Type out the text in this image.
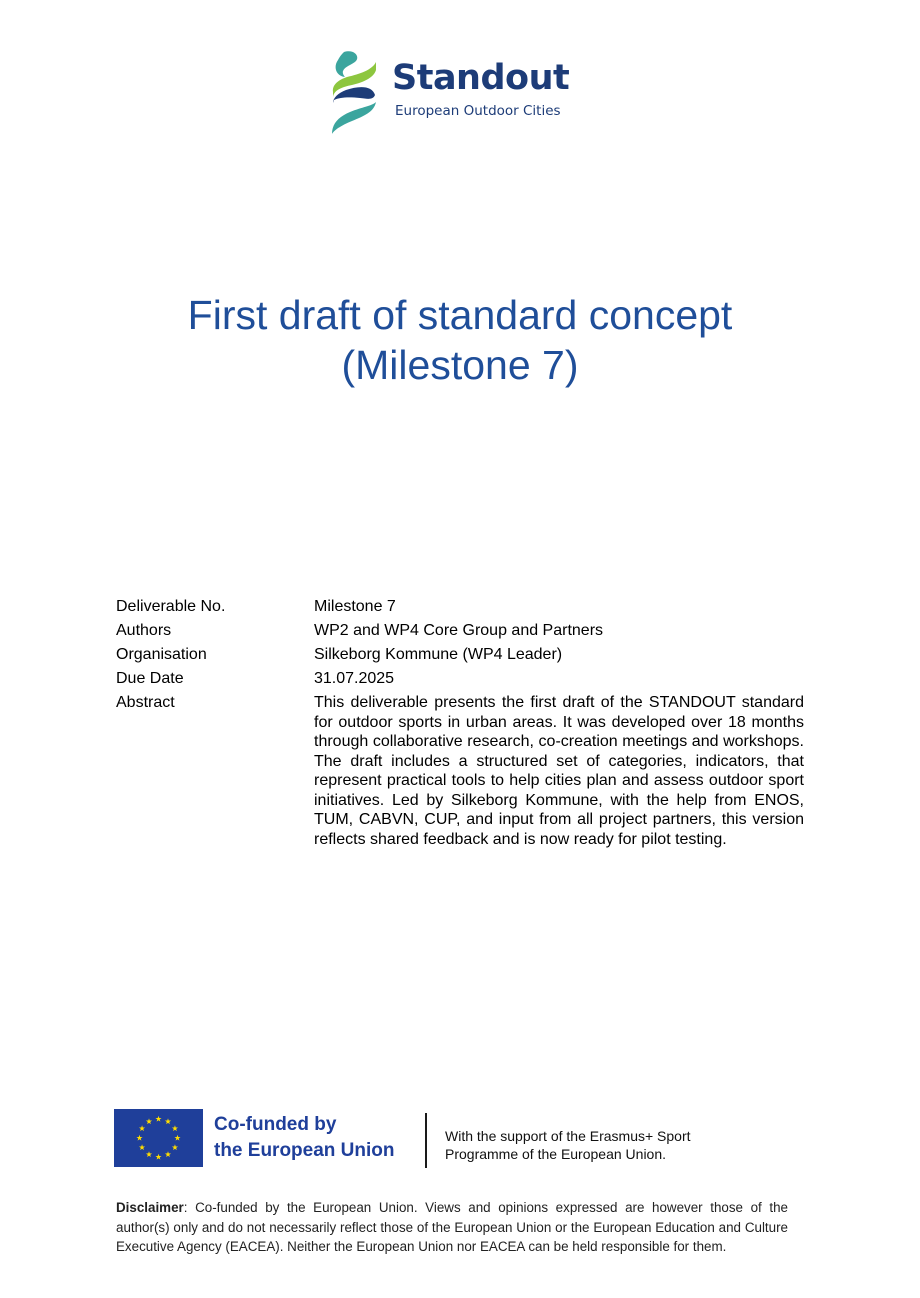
Standout
European Outdoor Cities
First draft of standard concept
(Milestone 7)
Deliverable No.	Milestone 7
Authors	WP2 and WP4 Core Group and Partners
Organisation	Silkeborg Kommune (WP4 Leader)
Due Date	31.07.2025
Abstract	This deliverable presents the first draft of the STANDOUT standard for outdoor sports in urban areas. It was developed over 18 months through collaborative research, co-creation meetings and workshops. The draft includes a structured set of categories, indicators, that represent practical tools to help cities plan and assess outdoor sport initiatives. Led by Silkeborg Kommune, with the help from ENOS, TUM, CABVN, CUP, and input from all project partners, this version reflects shared feedback and is now ready for pilot testing.
Co-funded by
the European Union
With the support of the Erasmus+ Sport
Programme of the European Union.
Disclaimer: Co-funded by the European Union. Views and opinions expressed are however those of the author(s) only and do not necessarily reflect those of the European Union or the European Education and Culture Executive Agency (EACEA). Neither the European Union nor EACEA can be held responsible for them.
